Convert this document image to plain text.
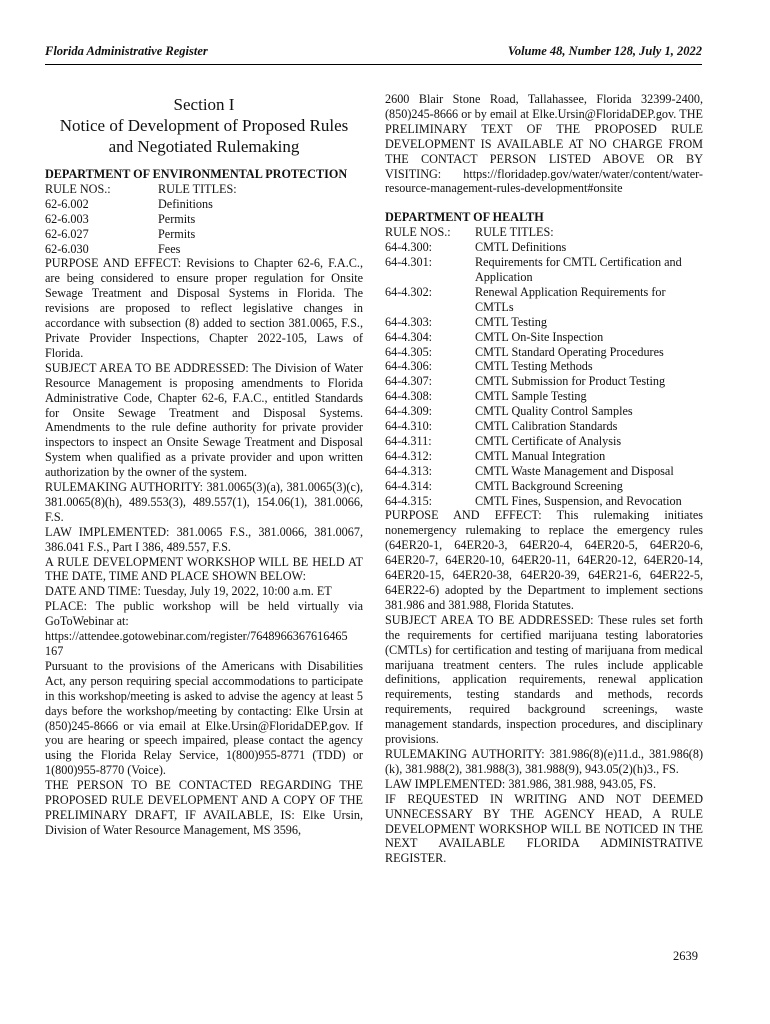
Florida Administrative Register	Volume 48, Number 128, July 1, 2022
Section I
Notice of Development of Proposed Rules
and Negotiated Rulemaking

DEPARTMENT OF ENVIRONMENTAL PROTECTION

RULE NOS.:	RULE TITLES:
62-6.002	Definitions
62-6.003	Permits
62-6.027	Permits
62-6.030	Fees

PURPOSE AND EFFECT: Revisions to Chapter 62-6, F.A.C., are being considered to ensure proper regulation for Onsite Sewage Treatment and Disposal Systems in Florida. The revisions are proposed to reflect legislative changes in accordance with subsection (8) added to section 381.0065, F.S., Private Provider Inspections, Chapter 2022-105, Laws of Florida.

SUBJECT AREA TO BE ADDRESSED: The Division of Water Resource Management is proposing amendments to Florida Administrative Code, Chapter 62-6, F.A.C., entitled Standards for Onsite Sewage Treatment and Disposal Systems. Amendments to the rule define authority for private provider inspectors to inspect an Onsite Sewage Treatment and Disposal System when qualified as a private provider and upon written authorization by the owner of the system.

RULEMAKING AUTHORITY: 381.0065(3)(a), 381.0065(3)(c), 381.0065(8)(h), 489.553(3), 489.557(1), 154.06(1), 381.0066, F.S.

LAW IMPLEMENTED: 381.0065 F.S., 381.0066, 381.0067, 386.041 F.S., Part I 386, 489.557, F.S.

A RULE DEVELOPMENT WORKSHOP WILL BE HELD AT THE DATE, TIME AND PLACE SHOWN BELOW:

DATE AND TIME: Tuesday, July 19, 2022, 10:00 a.m. ET

PLACE: The public workshop will be held virtually via GoToWebinar at:

https://attendee.gotowebinar.com/register/7648966367616465

167

Pursuant to the provisions of the Americans with Disabilities Act, any person requiring special accommodations to participate in this workshop/meeting is asked to advise the agency at least 5 days before the workshop/meeting by contacting: Elke Ursin at (850)245-8666 or via email at Elke.Ursin@FloridaDEP.gov. If you are hearing or speech impaired, please contact the agency using the Florida Relay Service, 1(800)955-8771 (TDD) or 1(800)955-8770 (Voice).

THE PERSON TO BE CONTACTED REGARDING THE PROPOSED RULE DEVELOPMENT AND A COPY OF THE PRELIMINARY DRAFT, IF AVAILABLE, IS: Elke Ursin, Division of Water Resource Management, MS 3596,

2600 Blair Stone Road, Tallahassee, Florida 32399-2400, (850)245-8666 or by email at Elke.Ursin@FloridaDEP.gov. THE PRELIMINARY TEXT OF THE PROPOSED RULE DEVELOPMENT IS AVAILABLE AT NO CHARGE FROM THE CONTACT PERSON LISTED ABOVE OR BY VISITING: https://floridadep.gov/water/water/content/water-resource-management-rules-development#onsite

DEPARTMENT OF HEALTH

RULE NOS.:	RULE TITLES:
64-4.300:	CMTL Definitions
64-4.301:	Requirements for CMTL Certification and Application
64-4.302:	Renewal Application Requirements for CMTLs
64-4.303:	CMTL Testing
64-4.304:	CMTL On-Site Inspection
64-4.305:	CMTL Standard Operating Procedures
64-4.306:	CMTL Testing Methods
64-4.307:	CMTL Submission for Product Testing
64-4.308:	CMTL Sample Testing
64-4.309:	CMTL Quality Control Samples
64-4.310:	CMTL Calibration Standards
64-4.311:	CMTL Certificate of Analysis
64-4.312:	CMTL Manual Integration
64-4.313:	CMTL Waste Management and Disposal
64-4.314:	CMTL Background Screening
64-4.315:	CMTL Fines, Suspension, and Revocation

PURPOSE AND EFFECT: This rulemaking initiates nonemergency rulemaking to replace the emergency rules (64ER20-1, 64ER20-3, 64ER20-4, 64ER20-5, 64ER20-6, 64ER20-7, 64ER20-10, 64ER20-11, 64ER20-12, 64ER20-14, 64ER20-15, 64ER20-38, 64ER20-39, 64ER21-6, 64ER22-5, 64ER22-6) adopted by the Department to implement sections 381.986 and 381.988, Florida Statutes.

SUBJECT AREA TO BE ADDRESSED: These rules set forth the requirements for certified marijuana testing laboratories (CMTLs) for certification and testing of marijuana from medical marijuana treatment centers. The rules include applicable definitions, application requirements, renewal application requirements, testing standards and methods, records requirements, required background screenings, waste management standards, inspection procedures, and disciplinary provisions.

RULEMAKING AUTHORITY: 381.986(8)(e)11.d., 381.986(8)(k), 381.988(2), 381.988(3), 381.988(9), 943.05(2)(h)3., FS.

LAW IMPLEMENTED: 381.986, 381.988, 943.05, FS.

IF REQUESTED IN WRITING AND NOT DEEMED UNNECESSARY BY THE AGENCY HEAD, A RULE DEVELOPMENT WORKSHOP WILL BE NOTICED IN THE NEXT AVAILABLE FLORIDA ADMINISTRATIVE REGISTER.

2639
